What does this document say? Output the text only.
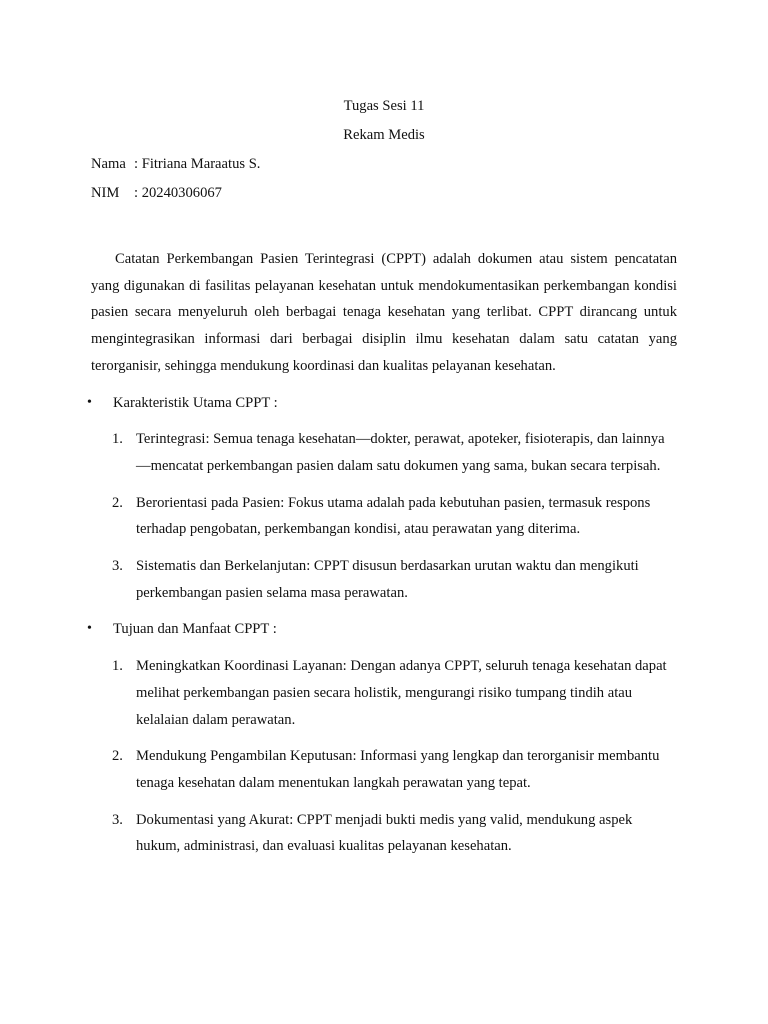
Tugas Sesi 11

Rekam Medis

Nama : Fitriana Maraatus S.
NIM	: 20240306067

Catatan Perkembangan Pasien Terintegrasi (CPPT) adalah dokumen atau sistem pencatatan yang digunakan di fasilitas pelayanan kesehatan untuk mendokumentasikan perkembangan kondisi pasien secara menyeluruh oleh berbagai tenaga kesehatan yang terlibat. CPPT dirancang untuk mengintegrasikan informasi dari berbagai disiplin ilmu kesehatan dalam satu catatan yang terorganisir, sehingga mendukung koordinasi dan kualitas pelayanan kesehatan.

•	Karakteristik Utama CPPT :
1. Terintegrasi: Semua tenaga kesehatan—dokter, perawat, apoteker, fisioterapis, dan lainnya—mencatat perkembangan pasien dalam satu dokumen yang sama, bukan secara terpisah.
2. Berorientasi pada Pasien: Fokus utama adalah pada kebutuhan pasien, termasuk respons terhadap pengobatan, perkembangan kondisi, atau perawatan yang diterima.
3. Sistematis dan Berkelanjutan: CPPT disusun berdasarkan urutan waktu dan mengikuti perkembangan pasien selama masa perawatan.
•	Tujuan dan Manfaat CPPT :
1. Meningkatkan Koordinasi Layanan: Dengan adanya CPPT, seluruh tenaga kesehatan dapat melihat perkembangan pasien secara holistik, mengurangi risiko tumpang tindih atau kelalaian dalam perawatan.
2. Mendukung Pengambilan Keputusan: Informasi yang lengkap dan terorganisir membantu tenaga kesehatan dalam menentukan langkah perawatan yang tepat.
3. Dokumentasi yang Akurat: CPPT menjadi bukti medis yang valid, mendukung aspek hukum, administrasi, dan evaluasi kualitas pelayanan kesehatan.
